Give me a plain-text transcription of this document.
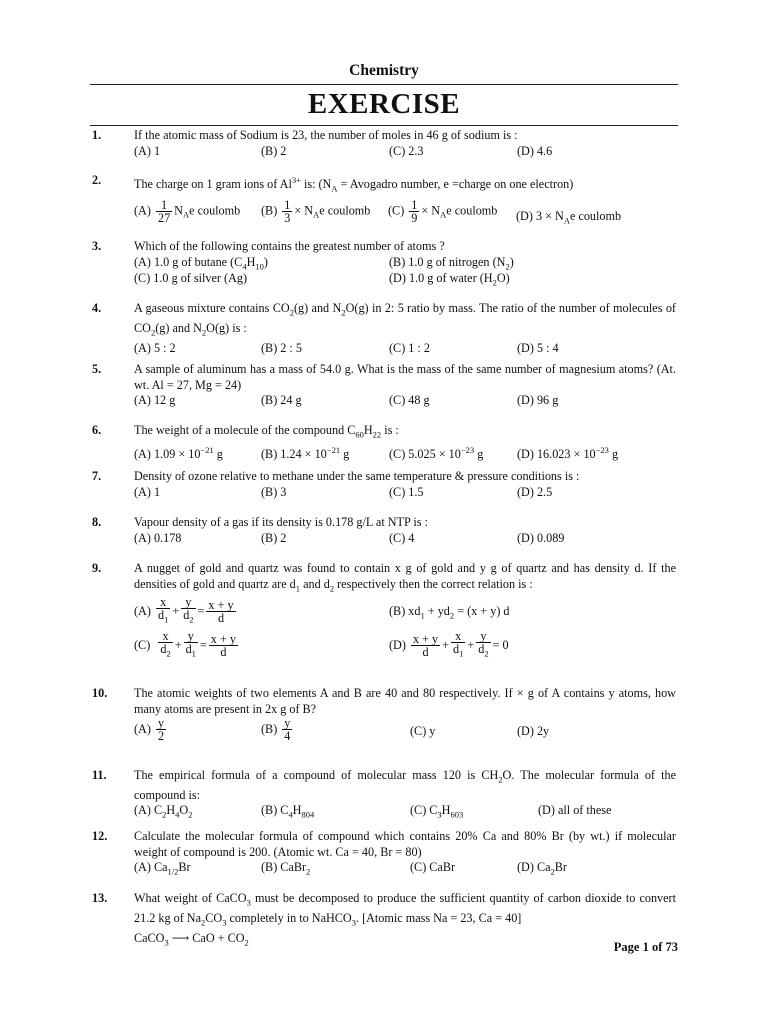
Chemistry
EXERCISE
1.	If the atomic mass of Sodium is 23, the number of moles in 46 g of sodium is :
(A) 1	(B) 2	(C) 2.3	(D) 4.6
2.	The charge on 1 gram ions of $Al^{3+}$ is: ($N_A$ = Avogadro number, e =charge on one electron)
$(A) \frac{1}{27} N_Ae$ coulomb $(B) \frac{1}{3} \times N_Ae$ coulomb $(C) \frac{1}{9} \times N_Ae$ coulomb (D) $3 \times N_Ae$ coulomb
3.	Which of the following contains the greatest number of atoms ?
(A) 1.0 g of butane $(C_4H_{10})$	(B) 1.0 g of nitrogen $(N_2)$
(C) 1.0 g of silver (Ag)	(D) 1.0 g of water $(H_2O)$
4.	A gaseous mixture contains $CO_2(g)$ and $N_2O(g)$ in 2: 5 ratio by mass. The ratio of the number of molecules of $CO_2(g)$ and $N_2O(g)$ is :
(A) 5 : 2	(B) 2 : 5	(C) 1 : 2	(D) 5 : 4
5.	A sample of aluminum has a mass of 54.0 g. What is the mass of the same number of magnesium atoms? (At. wt. Al = 27, Mg = 24)
(A) 12 g	(B) 24 g	(C) 48 g	(D) 96 g
6.	The weight of a molecule of the compound $C_{60}H_{22}$ is :
(A) $1.09 \times 10^{-21}$ g	(B) $1.24 \times 10^{-21}$ g	(C) $5.025 \times 10^{-23}$ g	(D) $16.023 \times 10^{-23}$ g
7.	Density of ozone relative to methane under the same temperature & pressure conditions is :
(A) 1	(B) 3	(C) 1.5	(D) 2.5
8.	Vapour density of a gas if its density is 0.178 g/L at NTP is :
(A) 0.178	(B) 2	(C) 4	(D) 0.089
9.	A nugget of gold and quartz was found to contain x g of gold and y g of quartz and has density d. If the densities of gold and quartz are $d_1$ and $d_2$ respectively then the correct relation is :
$(A) \frac{x}{d_1} + \frac{y}{d_2} = \frac{x + y}{d}$	(B) $xd_1 + yd_2 = (x + y)$ d
$(C) \frac{x}{d_2} + \frac{y}{d_1} = \frac{x + y}{d}$	$(D) \frac{x + y}{d} + \frac{x}{d_1} + \frac{y}{d_2} = 0$
10. The atomic weights of two elements A and B are 40 and 80 respectively. If × g of A contains y atoms, how many atoms are present in 2x g of B?
$(A) \frac{y}{2}$	$(B) \frac{y}{4}$	(C) y	(D) 2y
11. The empirical formula of a compound of molecular mass 120 is $CH_2O$. The molecular formula of the compound is:
(A) $C_2H_4O_2$	(B) $C_4H_{804}$	(C) $C_3H_{603}$	(D) all of these
12. Calculate the molecular formula of compound which contains 20% Ca and 80% Br (by wt.) if molecular weight of compound is 200. (Atomic wt. Ca = 40, Br = 80)
(A) $Ca_{1/2}Br$	(B) CaBr$_2$	(C) CaBr	(D) $Ca_2Br$
13. What weight of CaCO$_3$ must be decomposed to produce the sufficient quantity of carbon dioxide to convert 21.2 kg of $Na_2CO_3$ completely in to NaHCO$_3$. [Atomic mass Na = 23, Ca = 40]
CaCO$_3$ ⟶ CaO + $CO_2$	Page 1 of 73
